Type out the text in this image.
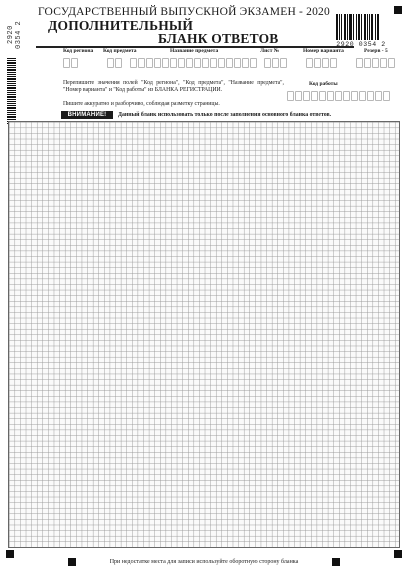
2920 0354 2
ГОСУДАРСТВЕННЫЙ ВЫПУСКНОЙ ЭКЗАМЕН - 2020
ДОПОЛНИТЕЛЬНЫЙ
БЛАНК ОТВЕТОВ	2920 0354 2
Код региона Код предмета	Название предмета	Лист №	Номер варианта	Резерв - 5
Перепишите значения полей "Код региона", "Код предмета", "Название предмета", "Номер варианта" и "Код работы" из БЛАНКА РЕГИСТРАЦИИ.
Код работы
Пишите аккуратно и разборчиво, соблюдая разметку страницы.
ВНИМАНИЕ!	Данный бланк использовать только после заполнения основного бланка ответов.
При недостатке места для записи используйте оборотную сторону бланка
